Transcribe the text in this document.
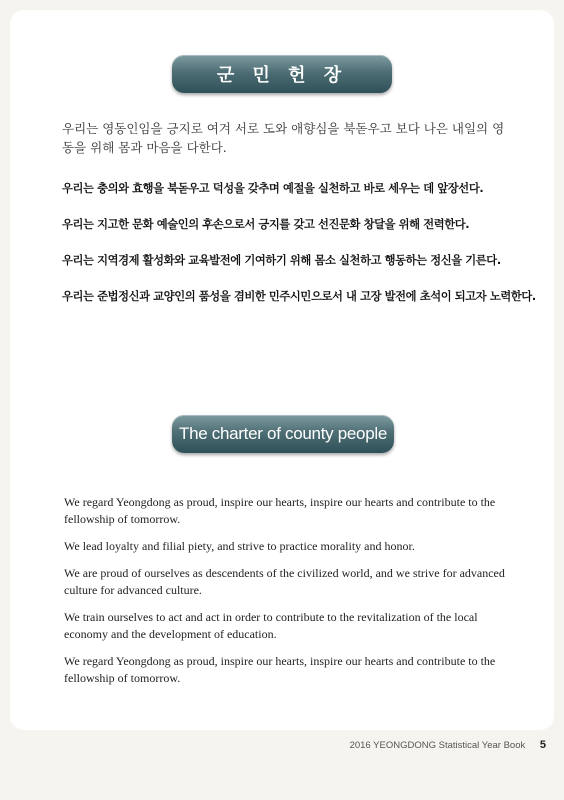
군 민 헌 장

우리는 영동인임을 긍지로 여겨 서로 도와 애향심을 북돋우고 보다 나은 내일의 영동을 위해 몸과 마음을 다한다.

우리는 충의와 효행을 북돋우고 덕성을 갖추며 예절을 실천하고 바로 세우는 데 앞장선다.
우리는 지고한 문화 예술인의 후손으로서 긍지를 갖고 선진문화 창달을 위해 전력한다.
우리는 지역경제 활성화와 교육발전에 기여하기 위해 몸소 실천하고 행동하는 정신을 기른다.
우리는 준법정신과 교양인의 품성을 겸비한 민주시민으로서 내 고장 발전에 초석이 되고자 노력한다.
The charter of county people
We regard Yeongdong as proud, inspire our hearts, inspire our hearts and contribute to the fellowship of tomorrow.
We lead loyalty and filial piety, and strive to practice morality and honor.
We are proud of ourselves as descendents of the civilized world, and we strive for advanced culture for advanced culture.
We train ourselves to act and act in order to contribute to the revitalization of the local economy and the development of education.
We regard Yeongdong as proud, inspire our hearts, inspire our hearts and contribute to the fellowship of tomorrow.
2016 YEONGDONG Statistical Year Book 5
